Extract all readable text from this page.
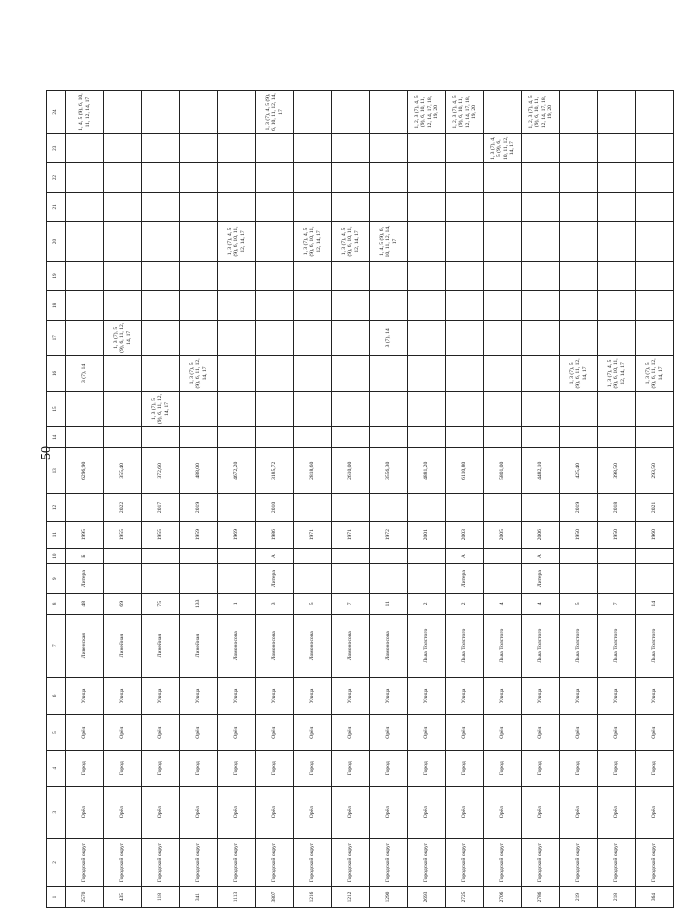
50
1	2	3	4	5	6	7	8	9	10	11	12	13	14	15	16	17	18	19	20	21	22	23	24
2570	Городской округ	Орёл	Город	Орёл	Улица	Ливенская	48	Литера	Б	1995		6296,90			3 (7), 14								1, 4, 5 (9), 6, 10, 11, 12, 14, 17
435	Городской округ	Орёл	Город	Орёл	Улица	Линейная	69			1955	2022	355,40				1, 3 (7), 5 (9), 6, 11, 12, 14, 17							
118	Городской округ	Орёл	Город	Орёл	Улица	Линейная	75			1955	2017	372,60		1, 3 (7), 5 (9), 6, 11, 12, 14, 17									
341	Городской округ	Орёл	Город	Орёл	Улица	Линейная	133			1959	2019	488,00			1, 3 (7), 5 (9), 6, 11, 12, 14, 17								
1113	Городской округ	Орёл	Город	Орёл	Улица	Ломоносова	1			1969		4672,20							1, 3 (7), 4, 5 (9), 6, 10, 11, 12, 14, 17				
3807	Городской округ	Орёл	Город	Орёл	Улица	Ломоносова	3	Литера	А	1986	2010	3185,72											1, 3 (7), 4, 5 (9), 6, 10, 11, 12, 14, 17
1216	Городской округ	Орёл	Город	Орёл	Улица	Ломоносова	5			1971		2818,60							1, 3 (7), 4, 5 (9), 6, 10, 11, 12, 14, 17				
1212	Городской округ	Орёл	Город	Орёл	Улица	Ломоносова	7			1971		2610,00							1, 3 (7), 4, 5 (9), 6, 10, 11, 12, 14, 17				
1290	Городской округ	Орёл	Город	Орёл	Улица	Ломоносова	11			1972		3556,30				3 (7), 14			1, 4, 5 (9), 6, 10, 11, 12, 14, 17				
2693	Городской округ	Орёл	Город	Орёл	Улица	Льва Толстого	2			2001		4881,20											1, 2, 3 (7), 4, 5 (9), 6, 10, 11, 12, 14, 17, 18, 19, 20
2725	Городской округ	Орёл	Город	Орёл	Улица	Льва Толстого	2	Литера	А	2003		6110,80											1, 2, 3 (7), 4, 5 (9), 6, 10, 11, 12, 14, 17, 18, 19, 20
2706	Городской округ	Орёл	Город	Орёл	Улица	Льва Толстого	4			2005		5801,00										1, 3 (7), 4, 5 (9), 6, 10, 11, 12, 14, 17	
2786	Городской округ	Орёл	Город	Орёл	Улица	Льва Толстого	4	Литера	А	2006		4482,10											1, 2, 3 (7), 4, 5 (9), 6, 10, 11, 12, 14, 17, 18, 19, 20
219	Городской округ	Орёл	Город	Орёл	Улица	Льва Толстого	5			1950	2019	425,40			1, 3 (7), 5 (9), 6, 11, 12, 14, 17								
218	Городской округ	Орёл	Город	Орёл	Улица	Льва Толстого	7			1950	2018	398,50			1, 3 (7), 4, 5 (9), 6, 10, 11, 12, 14, 17								
364	Городской округ	Орёл	Город	Орёл	Улица	Льва Толстого	14			1960	2021	293,50			1, 3 (7), 5 (9), 6, 11, 12, 14, 17								
